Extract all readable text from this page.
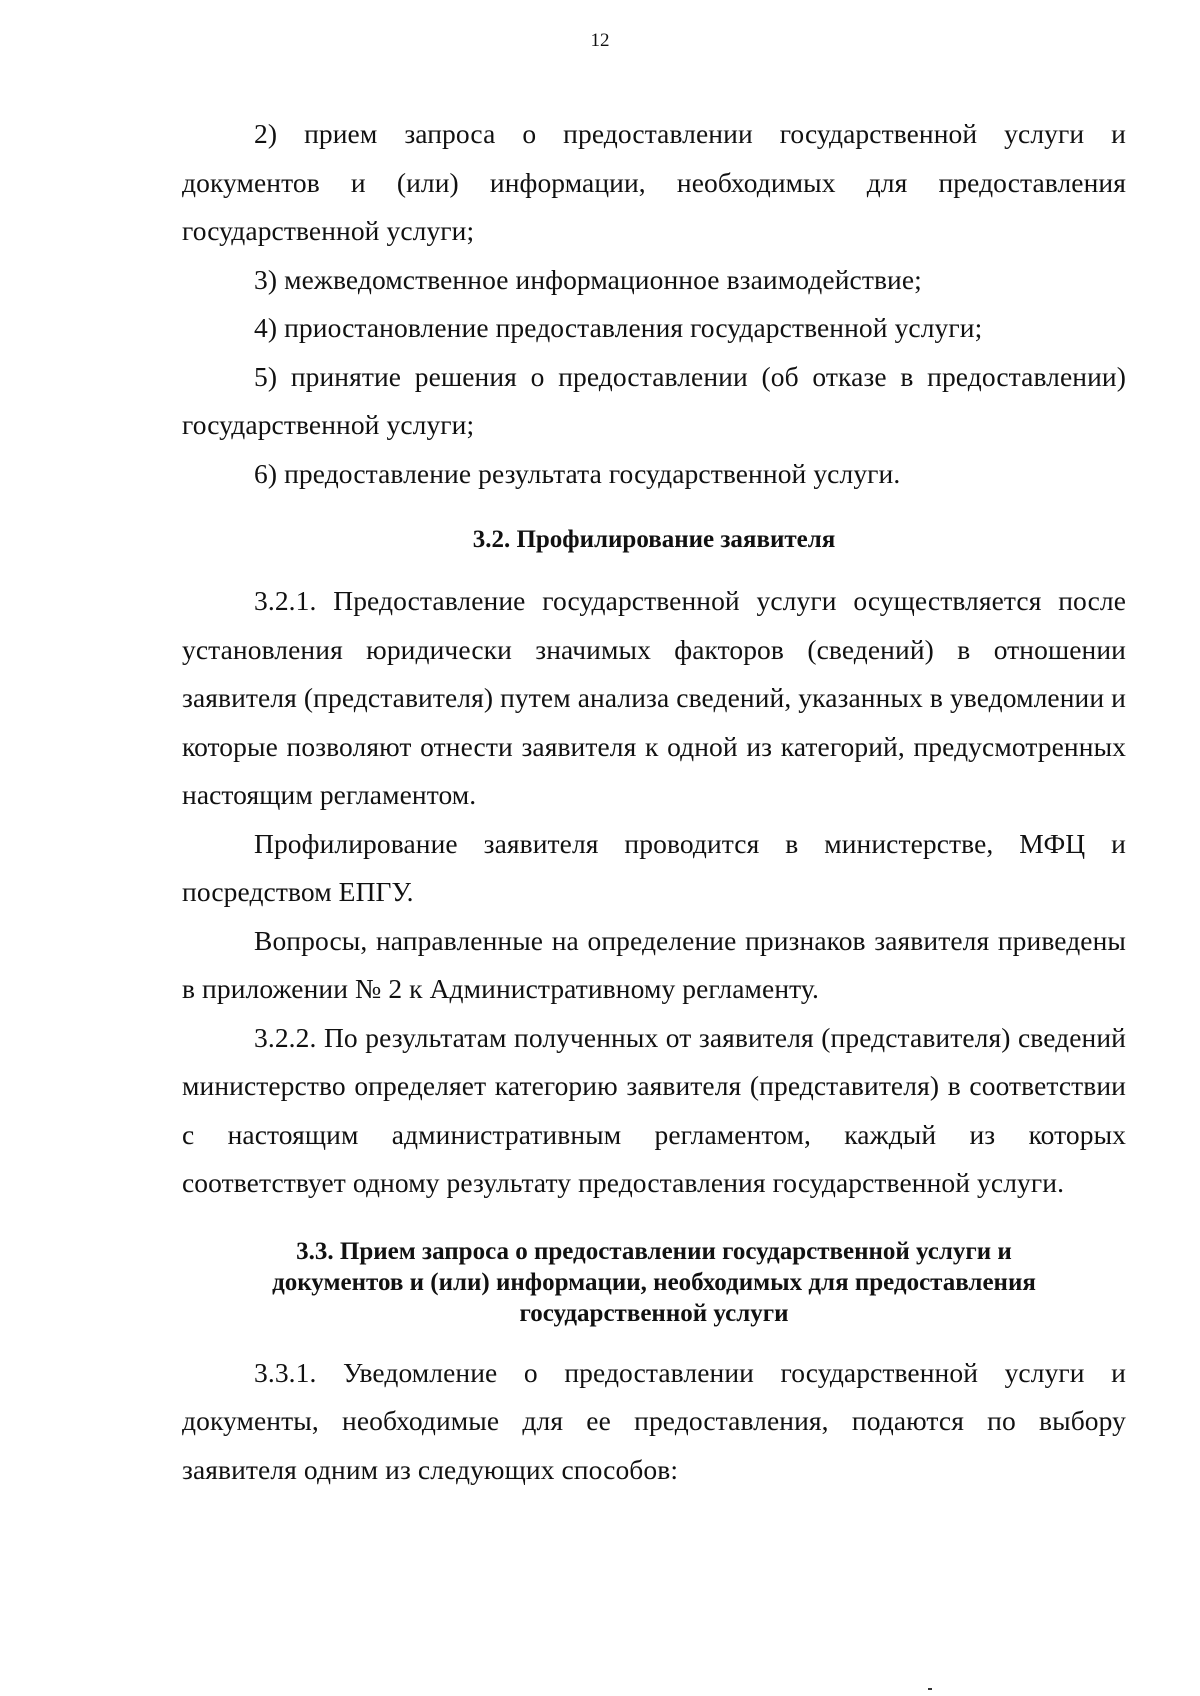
12

2) прием запроса о предоставлении государственной услуги и документов и (или) информации, необходимых для предоставления государственной услуги;

3) межведомственное информационное взаимодействие;

4) приостановление предоставления государственной услуги;

5) принятие решения о предоставлении (об отказе в предоставлении) государственной услуги;

6) предоставление результата государственной услуги.

3.2. Профилирование заявителя

3.2.1. Предоставление государственной услуги осуществляется после установления юридически значимых факторов (сведений) в отношении заявителя (представителя) путем анализа сведений, указанных в уведомлении и которые позволяют отнести заявителя к одной из категорий, предусмотренных настоящим регламентом.

Профилирование заявителя проводится в министерстве, МФЦ и посредством ЕПГУ.

Вопросы, направленные на определение признаков заявителя приведены в приложении № 2 к Административному регламенту.

3.2.2. По результатам полученных от заявителя (представителя) сведений министерство определяет категорию заявителя (представителя) в соответствии с настоящим административным регламентом, каждый из которых соответствует одному результату предоставления государственной услуги.

3.3. Прием запроса о предоставлении государственной услуги и
документов и (или) информации, необходимых для предоставления
государственной услуги

3.3.1. Уведомление о предоставлении государственной услуги и документы, необходимые для ее предоставления, подаются по выбору заявителя одним из следующих способов:
